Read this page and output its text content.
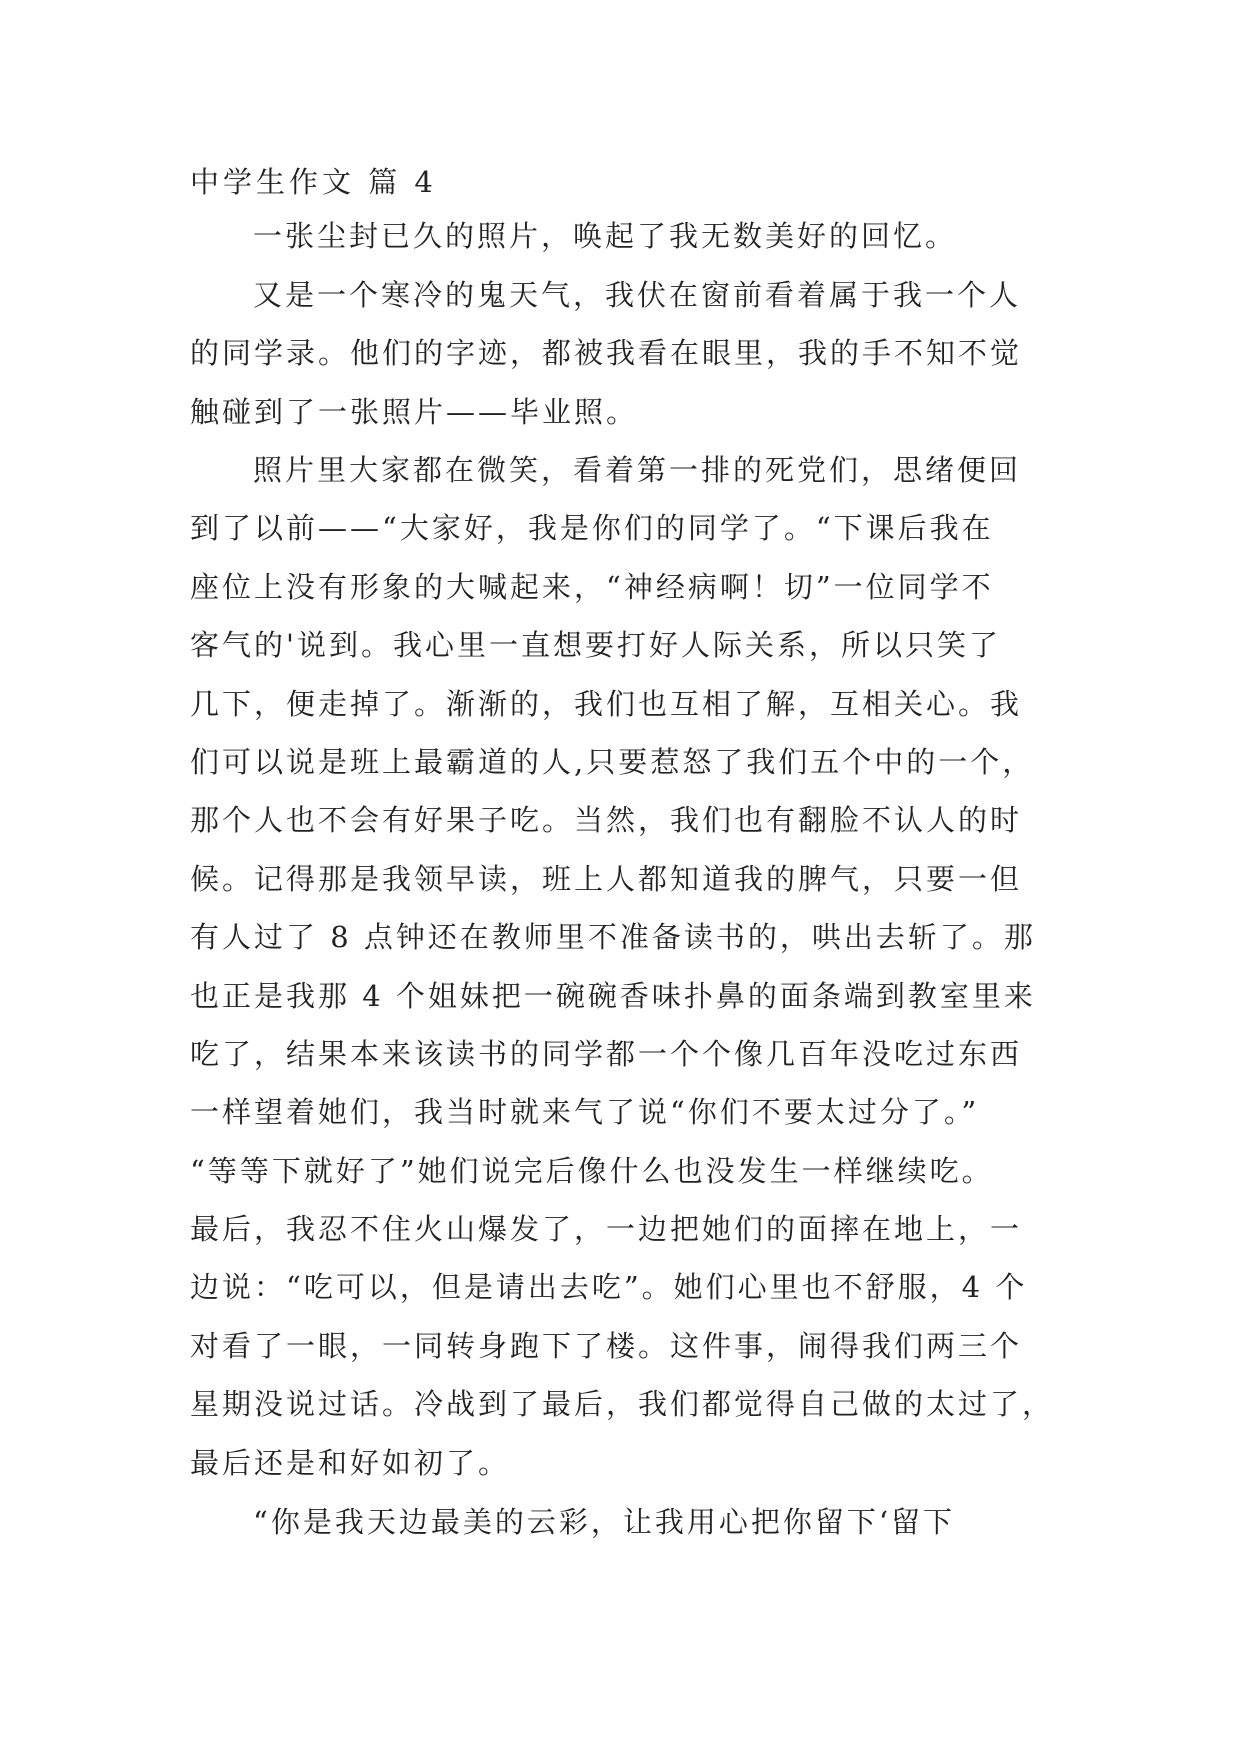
中学生作文 篇 4
一张尘封已久的照片，唤起了我无数美好的回忆。
又是一个寒冷的鬼天气，我伏在窗前看着属于我一个人
的同学录。他们的字迹，都被我看在眼里，我的手不知不觉
触碰到了一张照片——毕业照。
照片里大家都在微笑，看着第一排的死党们，思绪便回
到了以前——“大家好，我是你们的同学了。“下课后我在
座位上没有形象的大喊起来，“神经病啊！切”一位同学不
客气的'说到。我心里一直想要打好人际关系，所以只笑了
几下，便走掉了。渐渐的，我们也互相了解，互相关心。我
们可以说是班上最霸道的人,只要惹怒了我们五个中的一个，
那个人也不会有好果子吃。当然，我们也有翻脸不认人的时
候。记得那是我领早读，班上人都知道我的脾气，只要一但
有人过了 8 点钟还在教师里不准备读书的，哄出去斩了。那
也正是我那 4 个姐妹把一碗碗香味扑鼻的面条端到教室里来
吃了，结果本来该读书的同学都一个个像几百年没吃过东西
一样望着她们，我当时就来气了说“你们不要太过分了。”
“等等下就好了”她们说完后像什么也没发生一样继续吃。
最后，我忍不住火山爆发了，一边把她们的面摔在地上，一
边说：“吃可以，但是请出去吃”。她们心里也不舒服，4 个
对看了一眼，一同转身跑下了楼。这件事，闹得我们两三个
星期没说过话。冷战到了最后，我们都觉得自己做的太过了，
最后还是和好如初了。
“你是我天边最美的云彩，让我用心把你留下‘留下
